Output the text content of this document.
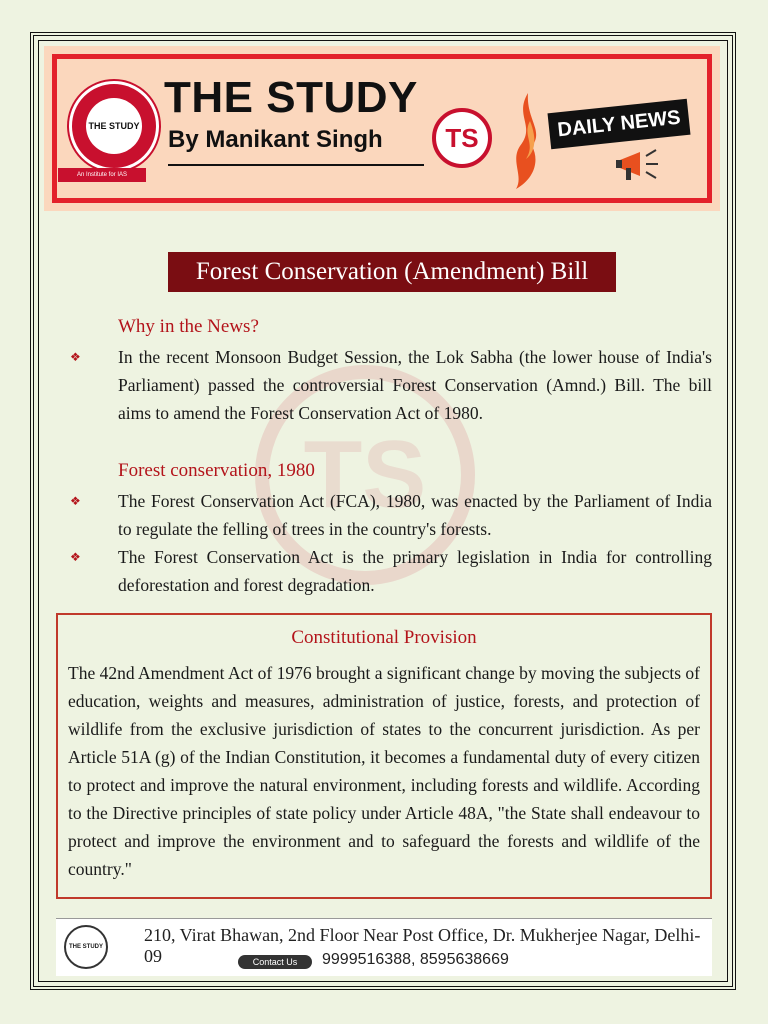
THE STUDY
An Institute for IAS
THE STUDY
By Manikant Singh	TS	DAILY NEWS
TS
Forest Conservation (Amendment) Bill
Why in the News?
❖ In the recent Monsoon Budget Session, the Lok Sabha (the lower house of India's Parliament) passed the controversial Forest Conservation (Amnd.) Bill. The bill aims to amend the Forest Conservation Act of 1980.
Forest conservation, 1980
❖ The Forest Conservation Act (FCA), 1980, was enacted by the Parliament of India to regulate the felling of trees in the country's forests.
❖ The Forest Conservation Act is the primary legislation in India for controlling deforestation and forest degradation.
Constitutional Provision
The 42nd Amendment Act of 1976 brought a significant change by moving the subjects of education, weights and measures, administration of justice, forests, and protection of wildlife from the exclusive jurisdiction of states to the concurrent jurisdiction. As per Article 51A (g) of the Indian Constitution, it becomes a fundamental duty of every citizen to protect and improve the natural environment, including forests and wildlife. According to the Directive principles of state policy under Article 48A, "the State shall endeavour to protect and improve the environment and to safeguard the forests and wildlife of the country."
THE STUDY
210, Virat Bhawan, 2nd Floor Near Post Office, Dr. Mukherjee Nagar, Delhi-09	Contact Us	9999516388, 8595638669
